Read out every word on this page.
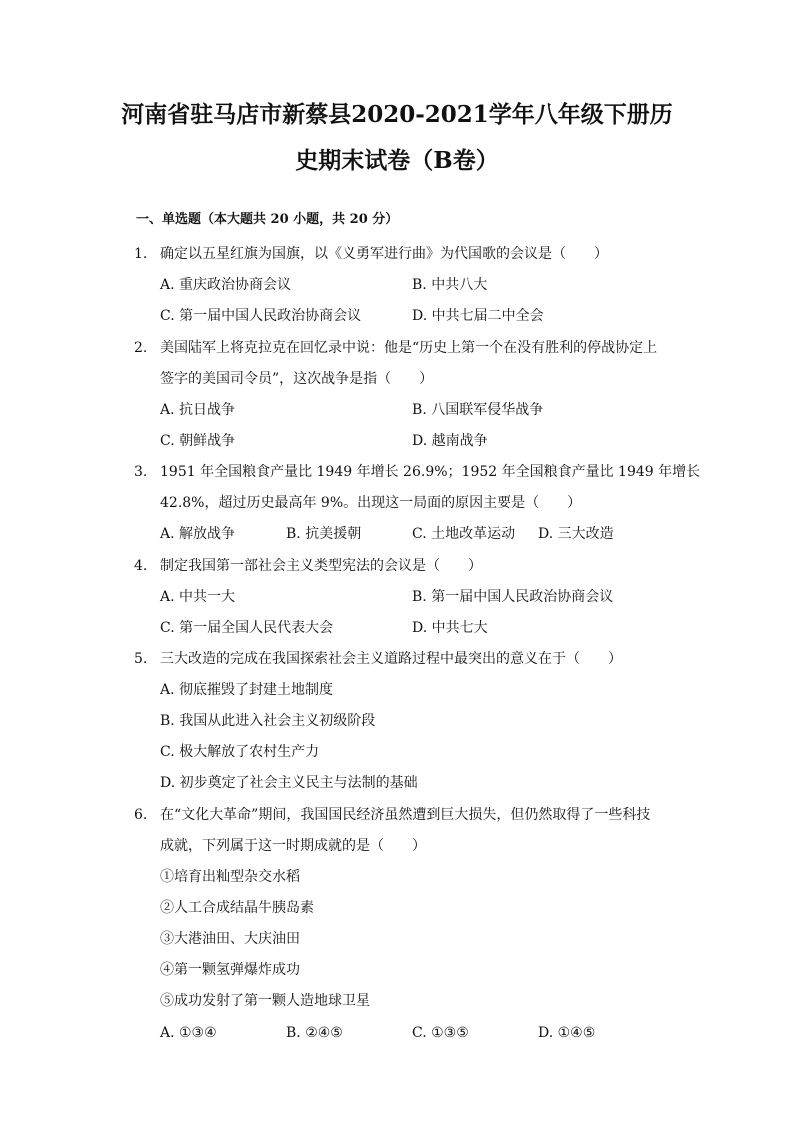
河南省驻马店市新蔡县2020-2021学年八年级下册历
史期末试卷（B卷）
一、单选题（本大题共 20 小题，共 20 分）
1. 确定以五星红旗为国旗，以《义勇军进行曲》为代国歌的会议是（　　）
A. 重庆政治协商会议	B. 中共八大
C. 第一届中国人民政治协商会议	D. 中共七届二中全会
2. 美国陆军上将克拉克在回忆录中说：他是“历史上第一个在没有胜利的停战协定上
签字的美国司令员”，这次战争是指（　　）
A. 抗日战争	B. 八国联军侵华战争
C. 朝鲜战争	D. 越南战争
3. 1951 年全国粮食产量比 1949 年增长 26.9%；1952 年全国粮食产量比 1949 年增长
42.8%，超过历史最高年 9%。出现这一局面的原因主要是（　　）
A. 解放战争	B. 抗美援朝	C. 土地改革运动 D. 三大改造
4. 制定我国第一部社会主义类型宪法的会议是（　　）
A. 中共一大	B. 第一届中国人民政治协商会议
C. 第一届全国人民代表大会	D. 中共七大
5. 三大改造的完成在我国探索社会主义道路过程中最突出的意义在于（　　）
A. 彻底摧毁了封建土地制度
B. 我国从此进入社会主义初级阶段
C. 极大解放了农村生产力
D. 初步奠定了社会主义民主与法制的基础
6. 在“文化大革命”期间，我国国民经济虽然遭到巨大损失，但仍然取得了一些科技
成就，下列属于这一时期成就的是（　　）
①培育出籼型杂交水稻
②人工合成结晶牛胰岛素
③大港油田、大庆油田
④第一颗氢弹爆炸成功
⑤成功发射了第一颗人造地球卫星
A. ①③④	B. ②④⑤	C. ①③⑤	D. ①④⑤
